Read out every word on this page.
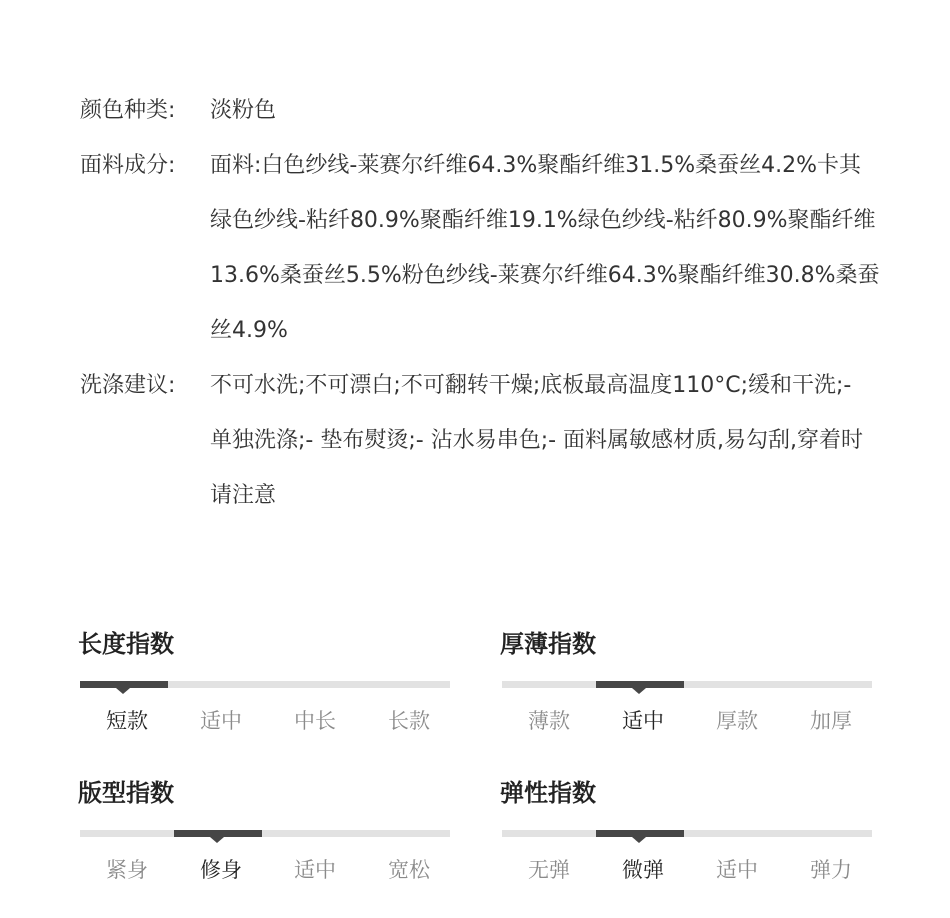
颜色种类:	淡粉色
面料成分:	面料:白色纱线-莱赛尔纤维64.3%聚酯纤维31.5%桑蚕丝4.2%卡其绿色纱线-粘纤80.9%聚酯纤维19.1%绿色纱线-粘纤80.9%聚酯纤维13.6%桑蚕丝5.5%粉色纱线-莱赛尔纤维64.3%聚酯纤维30.8%桑蚕丝4.9%
洗涤建议:	不可水洗;不可漂白;不可翻转干燥;底板最高温度110°C;缓和干洗;- 单独洗涤;- 垫布熨烫;- 沾水易串色;- 面料属敏感材质,易勾刮,穿着时请注意
长度指数
短款	适中	中长	长款
厚薄指数
薄款	适中	厚款	加厚
版型指数
紧身	修身	适中	宽松
弹性指数
无弹	微弹	适中	弹力
